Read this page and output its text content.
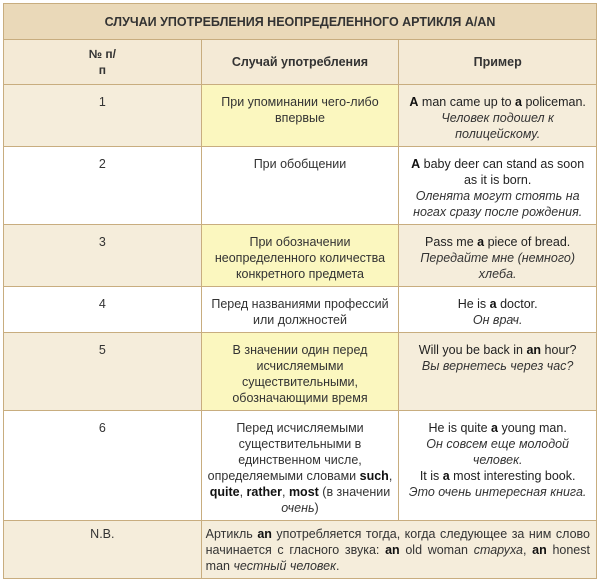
СЛУЧАИ УПОТРЕБЛЕНИЯ НЕОПРЕДЕЛЕННОГО АРТИКЛЯ A/AN		
№ п/
п	Случай употребления	Пример
1	При упоминании чего-либо впервые	A man came up to a policeman.
Человек подошел к полицейскому.

2	При обобщении	A baby deer can stand as soon as it is born.
Оленята могут стоять на ногах сразу после рождения.

3	При обозначении неопределенного количества конкретного предмета	Pass me a piece of bread.
Передайте мне (немного) хлеба.

4	Перед названиями профессий или должностей	He is a doctor.
Он врач.

5	В значении один перед исчисляемыми существительными, обозначающими время	Will you be back in an hour?
Вы вернетесь через час?

6	Перед исчисляемыми существительными в единственном числе, определяемыми словами such, quite, rather, most (в значении очень)	He is quite a young man.
Он совсем еще молодой человек.
It is a most interesting book.
Это очень интересная книга.

N.B.	Артикль an употребляется тогда, когда следующее за ним слово начинается с гласного звука: an old woman старуха, an honest man честный человек.	
